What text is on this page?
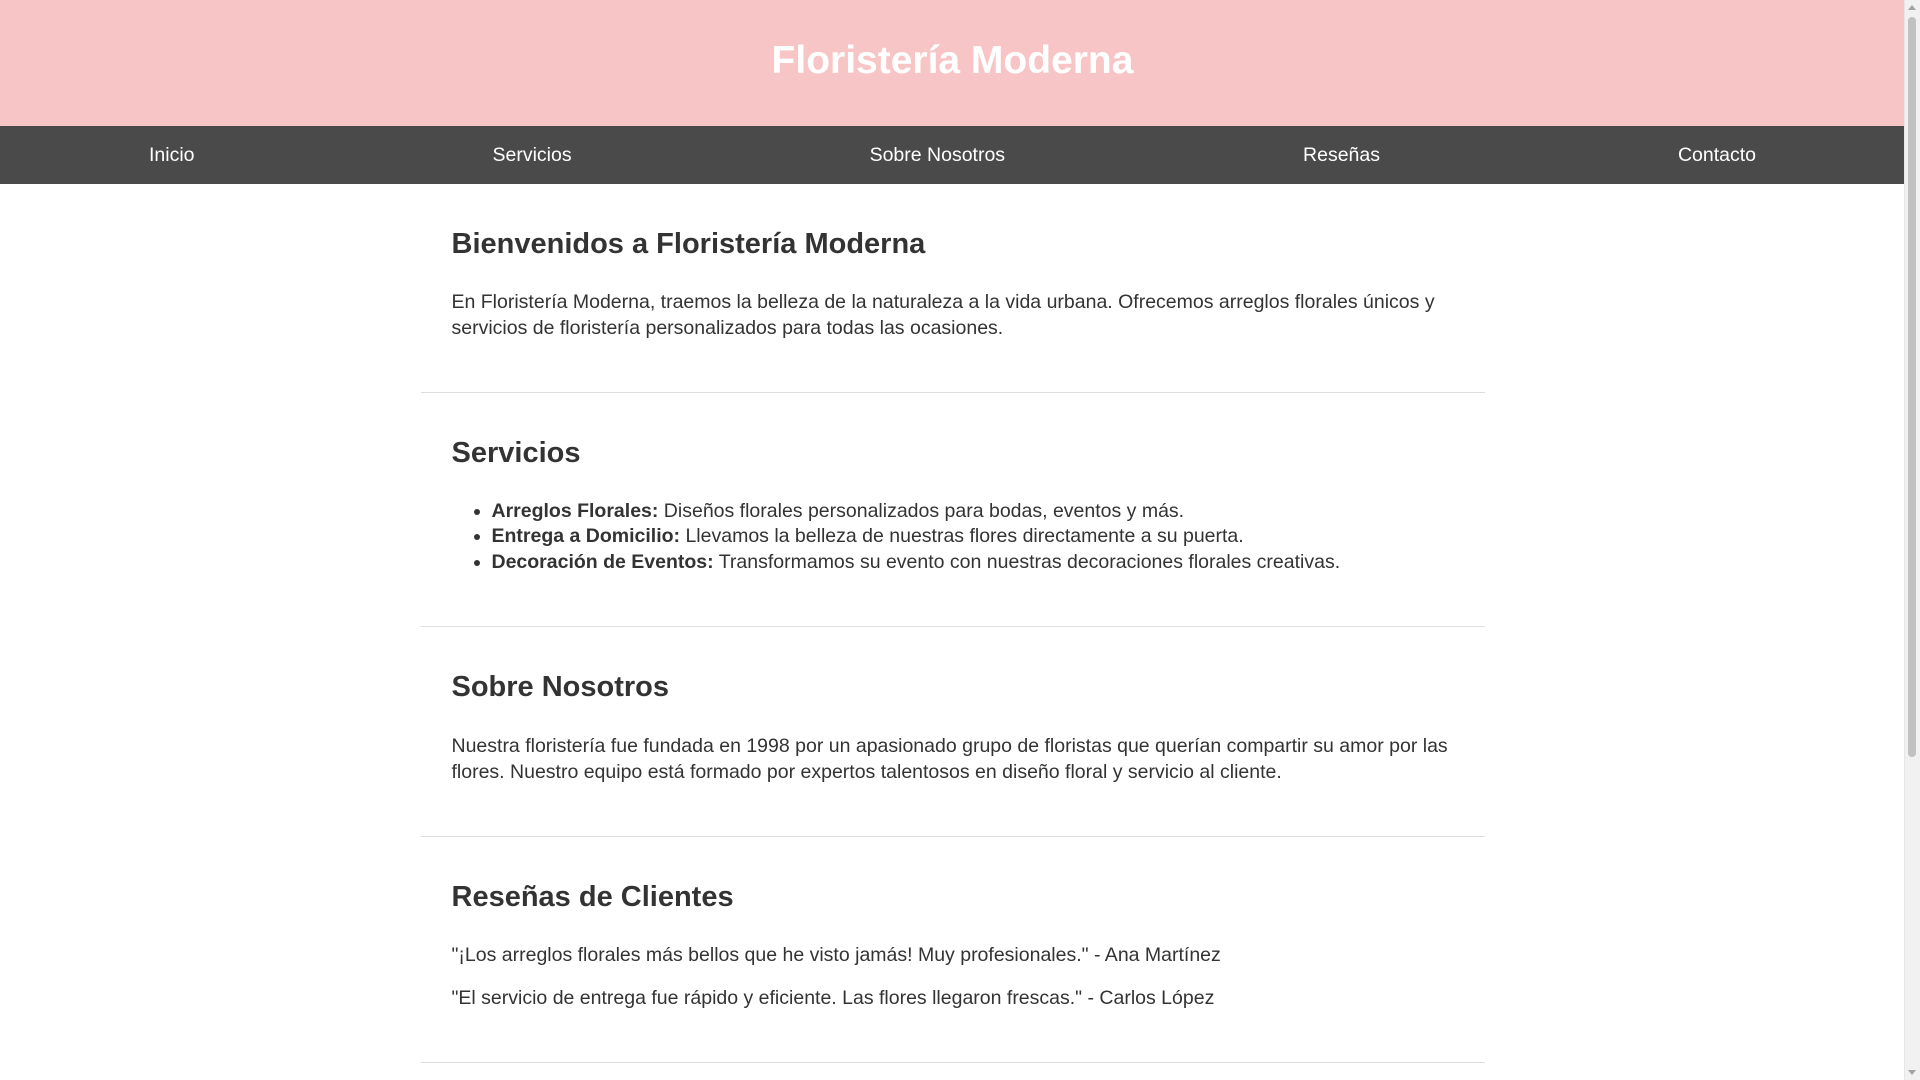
Floristería Moderna
Inicio	Servicios	Sobre Nosotros	Reseñas	Contacto
Bienvenidos a Floristería Moderna

En Floristería Moderna, traemos la belleza de la naturaleza a la vida urbana. Ofrecemos arreglos florales únicos y servicios de floristería personalizados para todas las ocasiones.

Servicios
• Arreglos Florales: Diseños florales personalizados para bodas, eventos y más.
• Entrega a Domicilio: Llevamos la belleza de nuestras flores directamente a su puerta.
• Decoración de Eventos: Transformamos su evento con nuestras decoraciones florales creativas.
Sobre Nosotros

Nuestra floristería fue fundada en 1998 por un apasionado grupo de floristas que querían compartir su amor por las flores. Nuestro equipo está formado por expertos talentosos en diseño floral y servicio al cliente.

Reseñas de Clientes

"¡Los arreglos florales más bellos que he visto jamás! Muy profesionales." - Ana Martínez

"El servicio de entrega fue rápido y eficiente. Las flores llegaron frescas." - Carlos López
